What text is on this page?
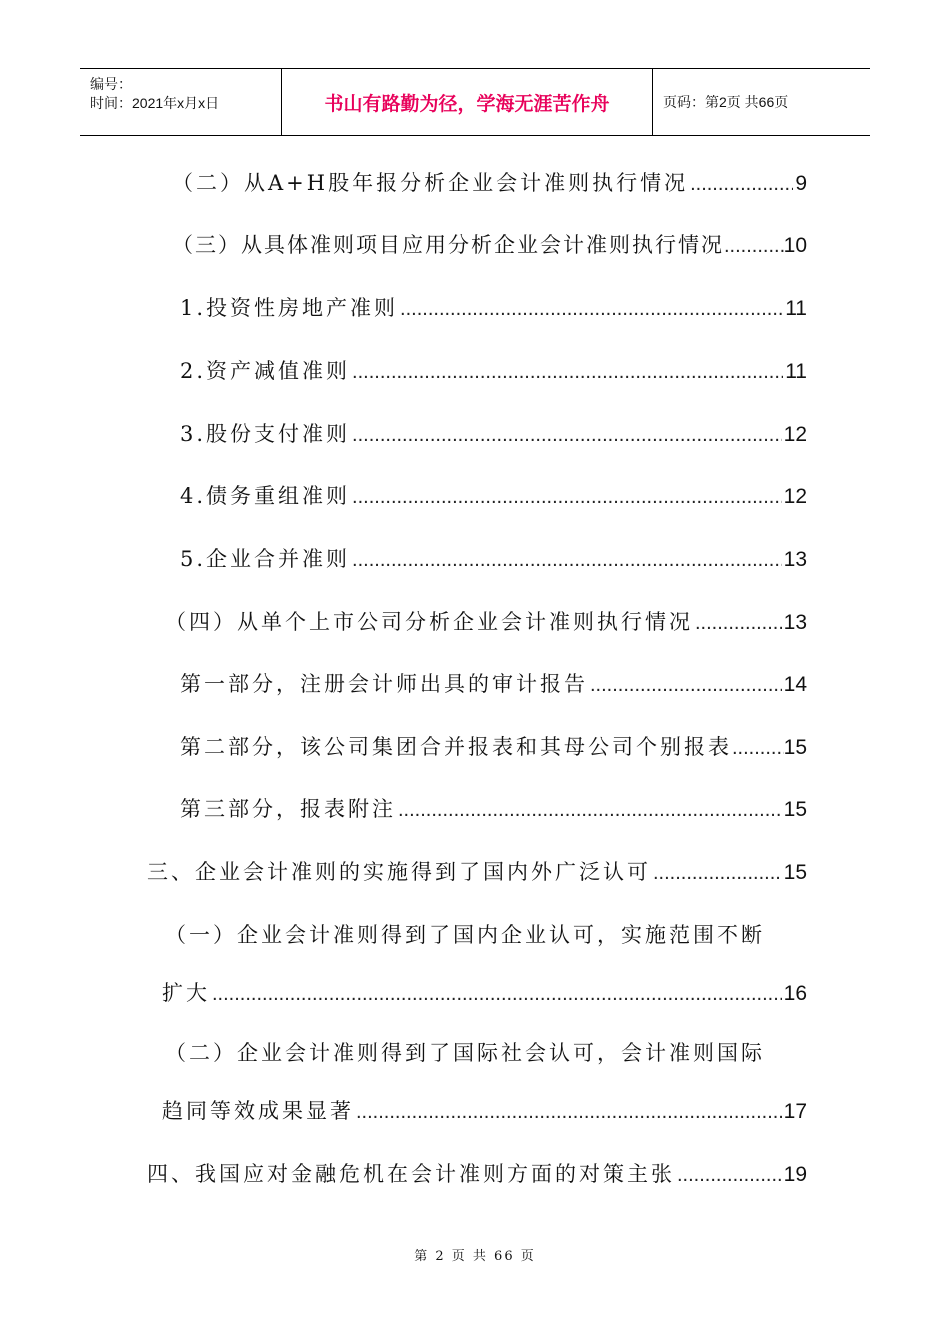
编号：
时间：2021年x月x日	书山有路勤为径，学海无涯苦作舟	页码：第2页 共66页
（二）从A+H股年报分析企业会计准则执行情况 .....	9
（三）从具体准则项目应用分析企业会计准则执行情况 .....	10
1.投资性房地产准则 .....	11
2.资产减值准则 .....	11
3.股份支付准则 .....	12
4.债务重组准则 .....	12
5.企业合并准则 .....	13
（四）从单个上市公司分析企业会计准则执行情况 .....	13
第一部分，注册会计师出具的审计报告 .....	14
第二部分，该公司集团合并报表和其母公司个别报表 ..... 15
第三部分，报表附注 .....	15
三、企业会计准则的实施得到了国内外广泛认可 .....	15
（一）企业会计准则得到了国内企业认可，实施范围不断
扩大 .....	16
（二）企业会计准则得到了国际社会认可，会计准则国际
趋同等效成果显著 .....	17
四、我国应对金融危机在会计准则方面的对策主张 .....	19
第 2 页 共 66 页
